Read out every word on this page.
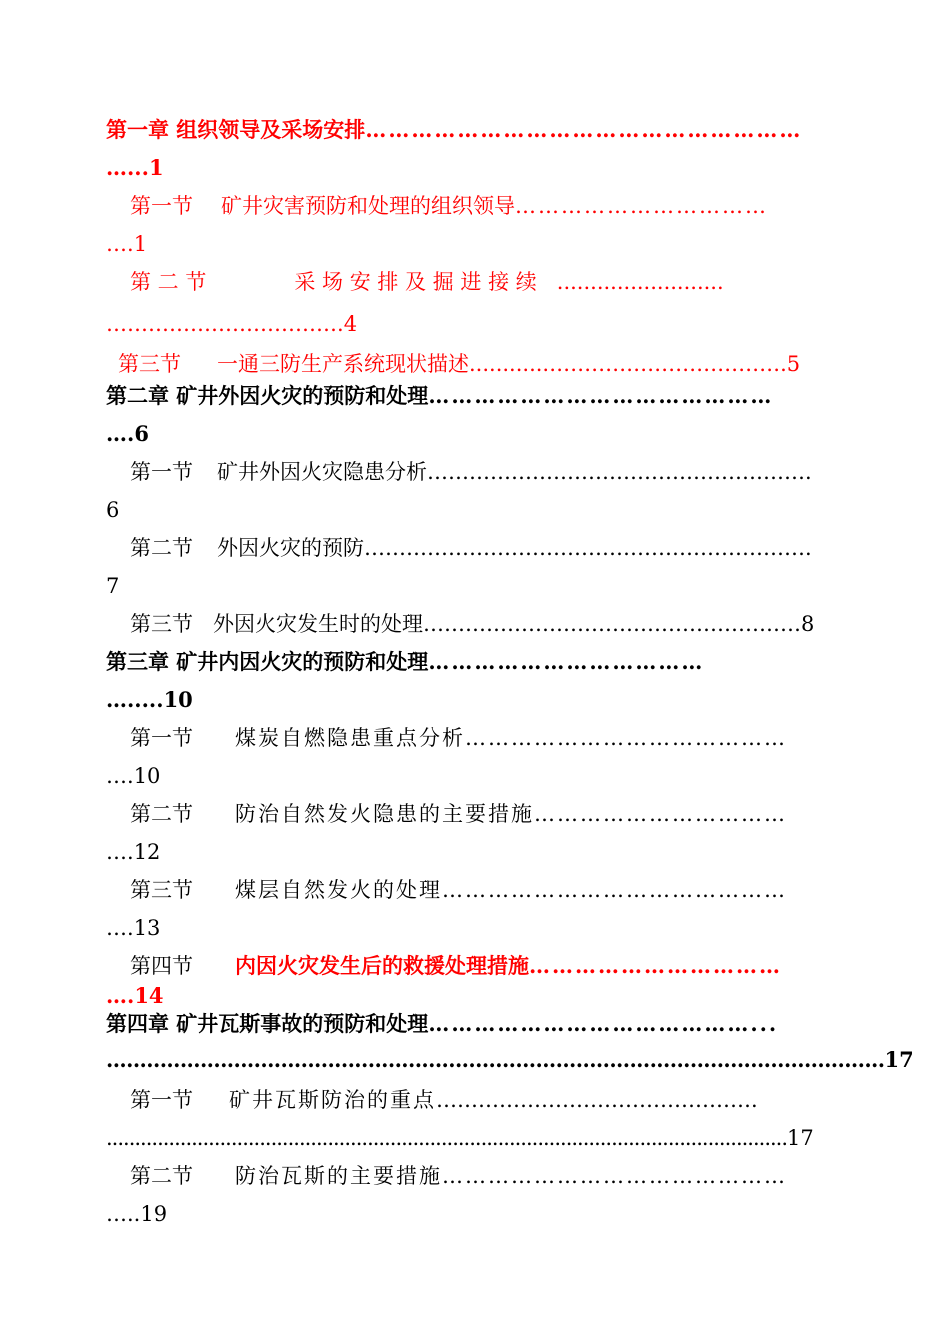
第一章 组织领导及采场安排…………………………………………………
…...1
第一节 矿井灾害预防和处理的组织领导……………………………
….1
第 二 节	采 场 安 排 及 掘 进 接 续 .........................
…………………………….4
第三节 一通三防生产系统现状描述............…………………………….5
第二章 矿井外因火灾的预防和处理………………………………………
….6
第一节 矿井外因火灾隐患分析……………………………………………….
6
第二节 外因火灾的预防……………………………………………………….
7
第三节 外因火灾发生时的处理………………………………………………8
第三章 矿井内因火灾的预防和处理………………………………
….....10
第一节 煤炭自燃隐患重点分析……………………………………
….10
第二节 防治自然发火隐患的主要措施……………………………
….12
第三节 煤层自然发火的处理………………………………………
….13
第四节 内因火灾发生后的救援处理措施……………………………
….14
第四章 矿井瓦斯事故的预防和处理……………………………………...
....................................................................................................................17
第一节 矿井瓦斯防治的重点……………………………………….
........................................................................................................................17
第二节 防治瓦斯的主要措施………………………………………
…..19
